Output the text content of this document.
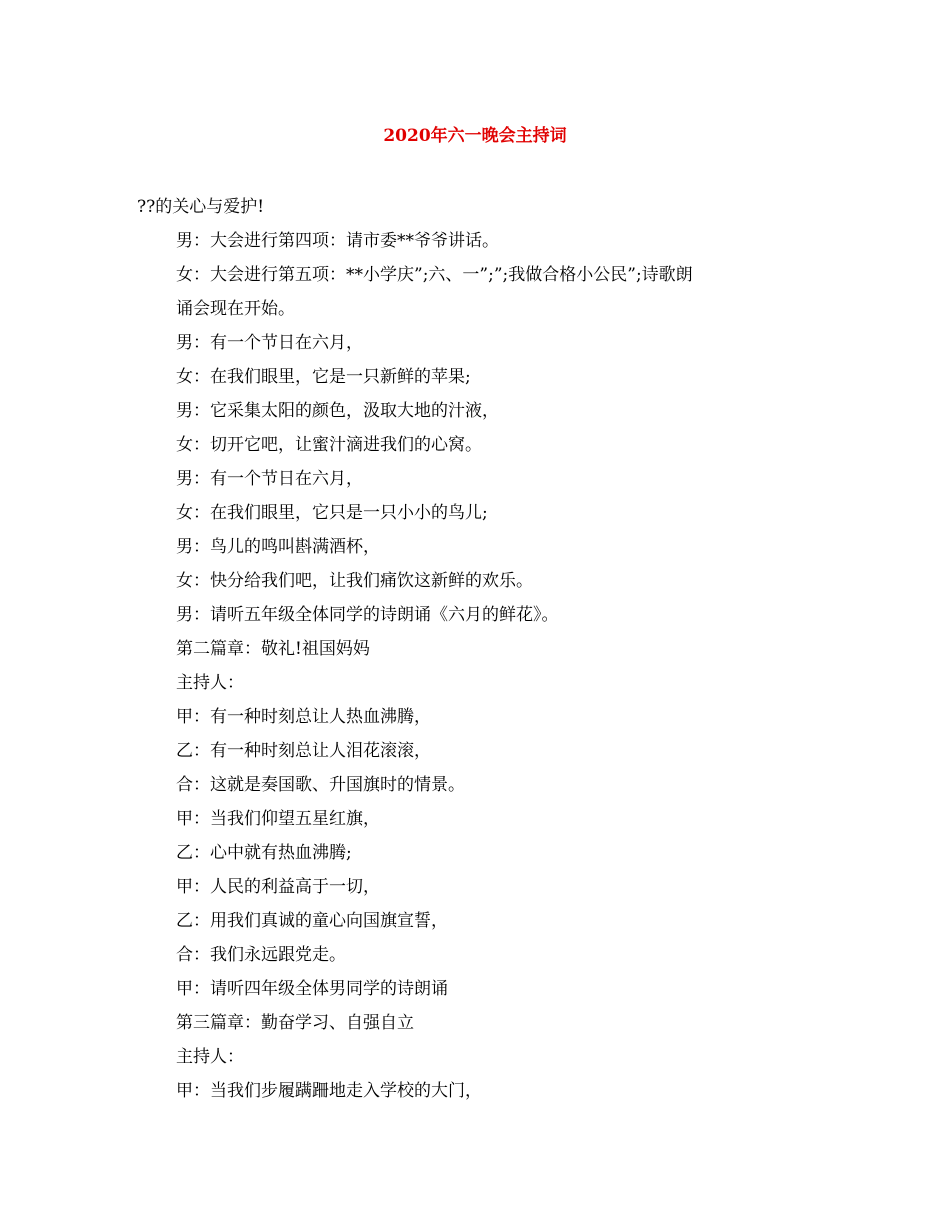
2020年六一晚会主持词
??的关心与爱护!
男：大会进行第四项：请市委**爷爷讲话。
女：大会进行第五项：**小学庆”;六、一”;”;我做合格小公民”;诗歌朗
诵会现在开始。
男：有一个节日在六月，
女：在我们眼里，它是一只新鲜的苹果;
男：它采集太阳的颜色，汲取大地的汁液，
女：切开它吧，让蜜汁滴进我们的心窝。
男：有一个节日在六月，
女：在我们眼里，它只是一只小小的鸟儿;
男：鸟儿的鸣叫斟满酒杯，
女：快分给我们吧，让我们痛饮这新鲜的欢乐。
男：请听五年级全体同学的诗朗诵《六月的鲜花》。
第二篇章：敬礼!祖国妈妈
主持人：
甲：有一种时刻总让人热血沸腾，
乙：有一种时刻总让人泪花滚滚，
合：这就是奏国歌、升国旗时的情景。
甲：当我们仰望五星红旗，
乙：心中就有热血沸腾;
甲：人民的利益高于一切，
乙：用我们真诚的童心向国旗宣誓，
合：我们永远跟党走。
甲：请听四年级全体男同学的诗朗诵
第三篇章：勤奋学习、自强自立
主持人：
甲：当我们步履蹒跚地走入学校的大门，
